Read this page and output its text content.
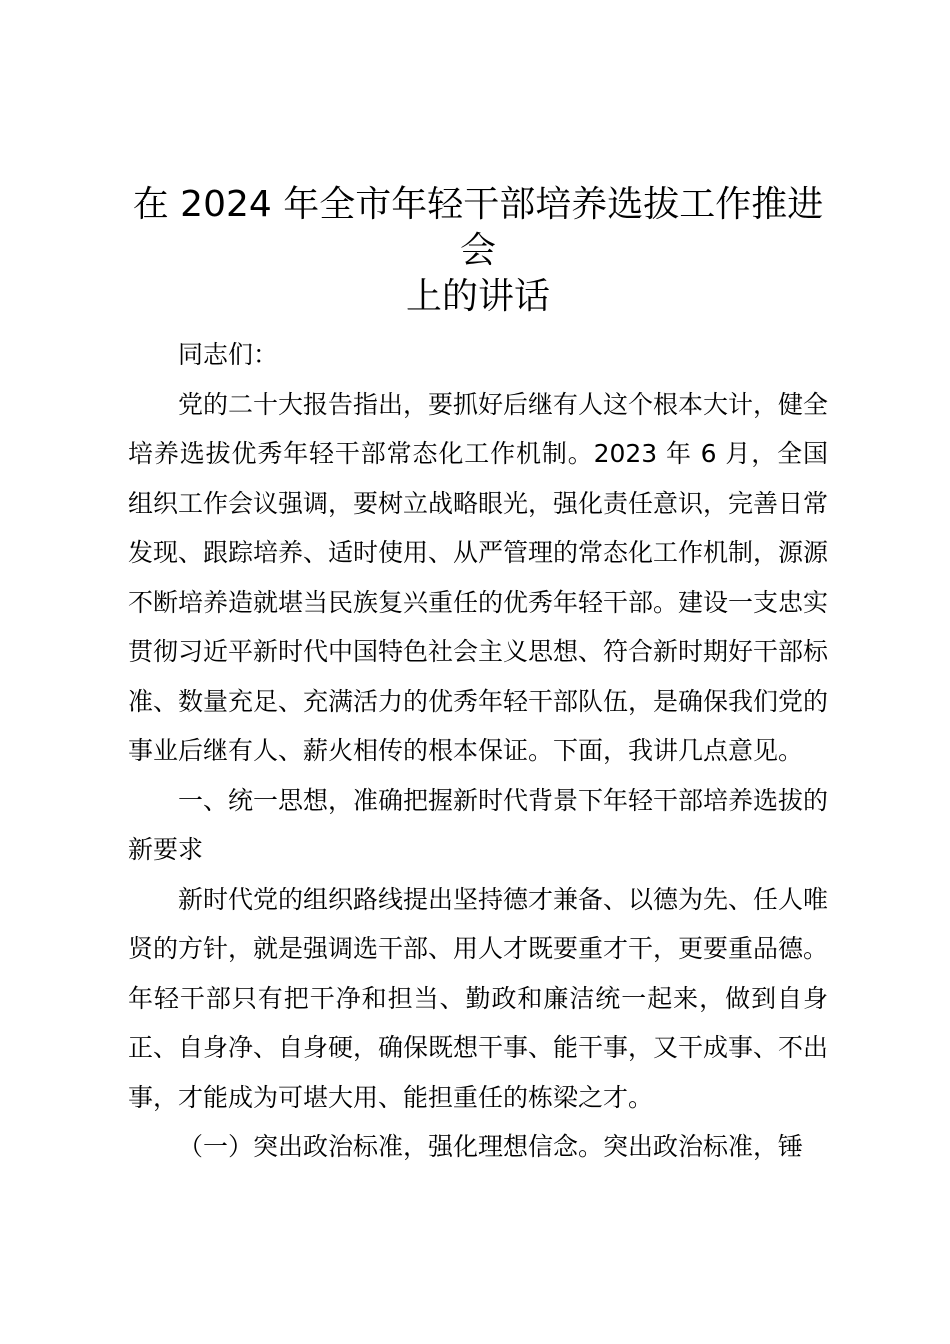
在 2024 年全市年轻干部培养选拔工作推进会
上的讲话

同志们：

党的二十大报告指出，要抓好后继有人这个根本大计，健全培养选拔优秀年轻干部常态化工作机制。2023 年 6 月，全国组织工作会议强调，要树立战略眼光，强化责任意识，完善日常发现、跟踪培养、适时使用、从严管理的常态化工作机制，源源不断培养造就堪当民族复兴重任的优秀年轻干部。建设一支忠实贯彻习近平新时代中国特色社会主义思想、符合新时期好干部标准、数量充足、充满活力的优秀年轻干部队伍，是确保我们党的事业后继有人、薪火相传的根本保证。下面，我讲几点意见。

一、统一思想，准确把握新时代背景下年轻干部培养选拔的新要求

新时代党的组织路线提出坚持德才兼备、以德为先、任人唯贤的方针，就是强调选干部、用人才既要重才干，更要重品德。年轻干部只有把干净和担当、勤政和廉洁统一起来，做到自身正、自身净、自身硬，确保既想干事、能干事，又干成事、不出事，才能成为可堪大用、能担重任的栋梁之才。

（一）突出政治标准，强化理想信念。突出政治标准，锤
